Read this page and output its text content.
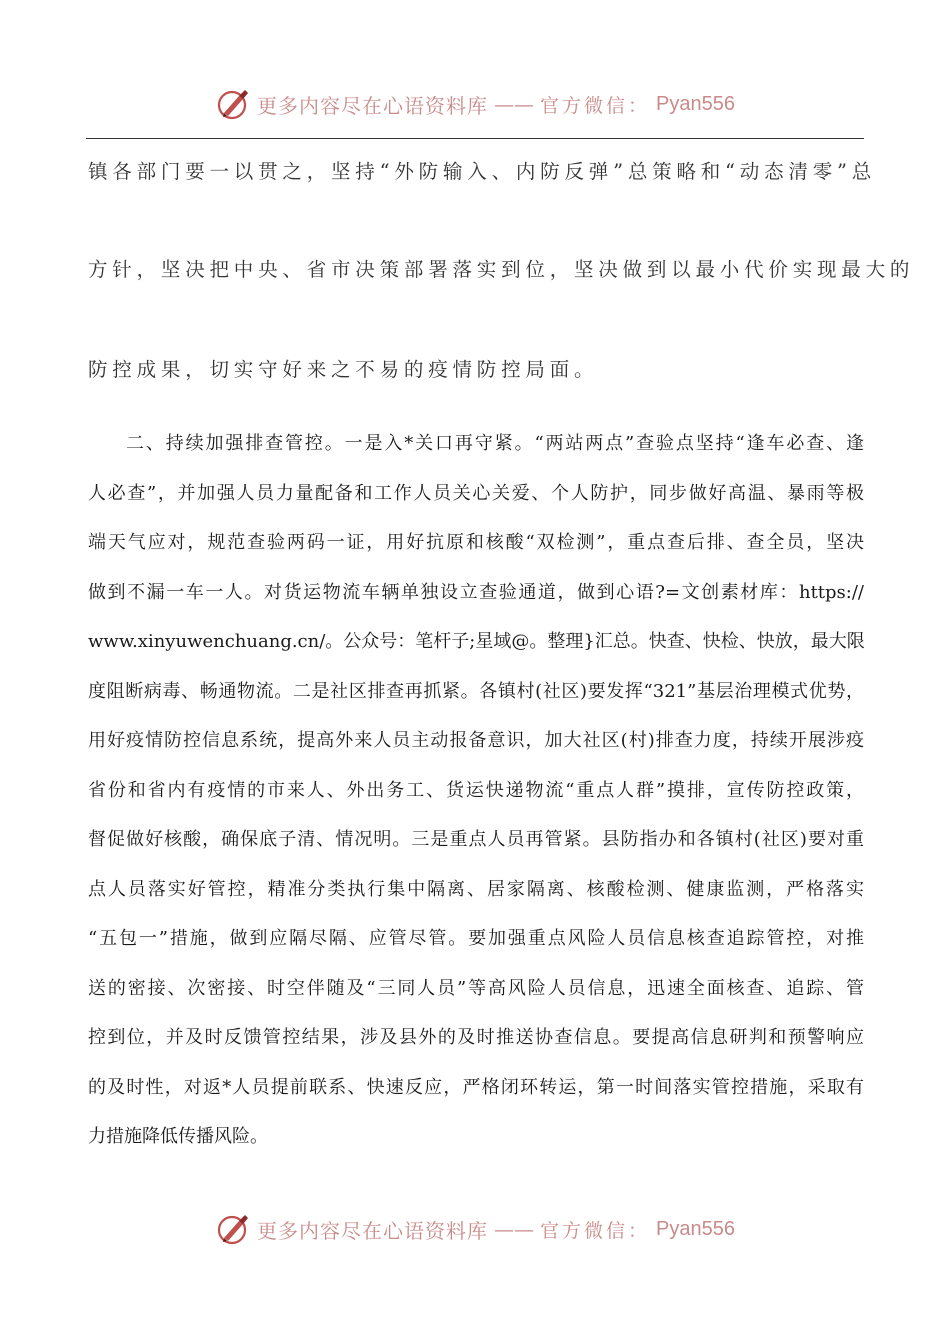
更多内容尽在心语资料库 —— 官方微信： Pyan556
镇各部门要一以贯之，坚持“外防输入、内防反弹”总策略和“动态清零”总
方针，坚决把中央、省市决策部署落实到位，坚决做到以最小代价实现最大的
防控成果，切实守好来之不易的疫情防控局面。
二、持续加强排查管控。一是入*关口再守紧。“两站两点”查验点坚持“逢车必查、逢
人必查”，并加强人员力量配备和工作人员关心关爱、个人防护，同步做好高温、暴雨等极
端天气应对，规范查验两码一证，用好抗原和核酸“双检测”，重点查后排、查全员，坚决
做到不漏一车一人。对货运物流车辆单独设立查验通道，做到心语?=文创素材库：https://
www.xinyuwenchuang.cn/。公众号：笔杆子;星域@。整理}汇总。快查、快检、快放，最大限
度阻断病毒、畅通物流。二是社区排查再抓紧。各镇村(社区)要发挥“321”基层治理模式优势，
用好疫情防控信息系统，提高外来人员主动报备意识，加大社区(村)排查力度，持续开展涉疫
省份和省内有疫情的市来人、外出务工、货运快递物流“重点人群”摸排，宣传防控政策，
督促做好核酸，确保底子清、情况明。三是重点人员再管紧。县防指办和各镇村(社区)要对重
点人员落实好管控，精准分类执行集中隔离、居家隔离、核酸检测、健康监测，严格落实
“五包一”措施，做到应隔尽隔、应管尽管。要加强重点风险人员信息核查追踪管控，对推
送的密接、次密接、时空伴随及“三同人员”等高风险人员信息，迅速全面核查、追踪、管
控到位，并及时反馈管控结果，涉及县外的及时推送协查信息。要提高信息研判和预警响应
的及时性，对返*人员提前联系、快速反应，严格闭环转运，第一时间落实管控措施，采取有
力措施降低传播风险。
更多内容尽在心语资料库 —— 官方微信： Pyan556
